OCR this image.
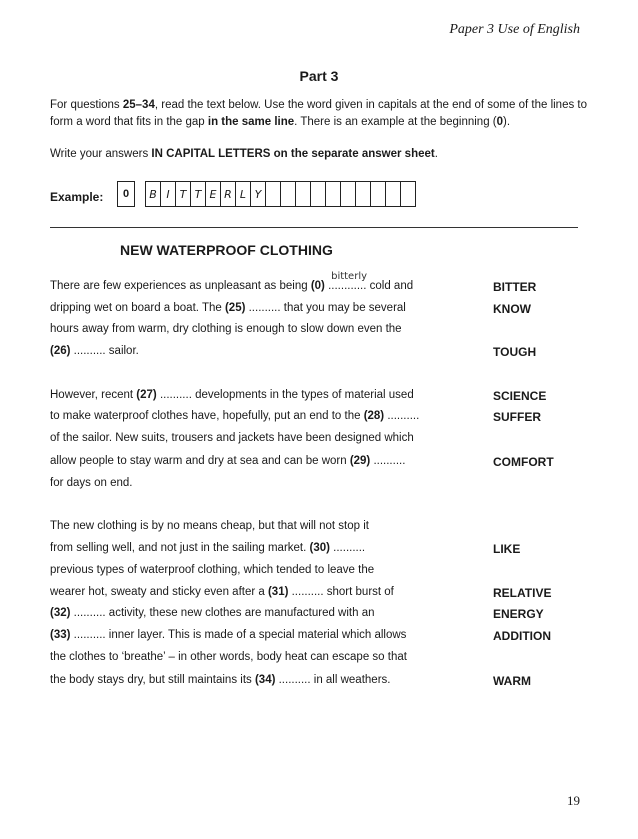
Paper 3 Use of English
Part 3
For questions 25–34, read the text below. Use the word given in capitals at the end of some of the lines to form a word that fits in the gap in the same line. There is an example at the beginning (0).
Write your answers IN CAPITAL LETTERS on the separate answer sheet.
Example:	0	B I T T E R L Y
NEW WATERPROOF CLOTHING
There are few experiences as unpleasant as being (0)
bitterly
............ cold and
dripping wet on board a boat. The (25) .......... that you may be several
hours away from warm, dry clothing is enough to slow down even the
(26) .......... sailor.
However, recent (27) .......... developments in the types of material used
to make waterproof clothes have, hopefully, put an end to the (28) ..........
of the sailor. New suits, trousers and jackets have been designed which
allow people to stay warm and dry at sea and can be worn (29) ..........
for days on end.
The new clothing is by no means cheap, but that will not stop it
from selling well, and not just in the sailing market. (30) ..........
previous types of waterproof clothing, which tended to leave the
wearer hot, sweaty and sticky even after a (31) .......... short burst of
(32) .......... activity, these new clothes are manufactured with an
(33) .......... inner layer. This is made of a special material which allows
the clothes to ‘breathe’ – in other words, body heat can escape so that
the body stays dry, but still maintains its (34) .......... in all weathers.
BITTER
KNOW
TOUGH
SCIENCE
SUFFER
COMFORT
LIKE
RELATIVE
ENERGY
ADDITION
WARM
19
